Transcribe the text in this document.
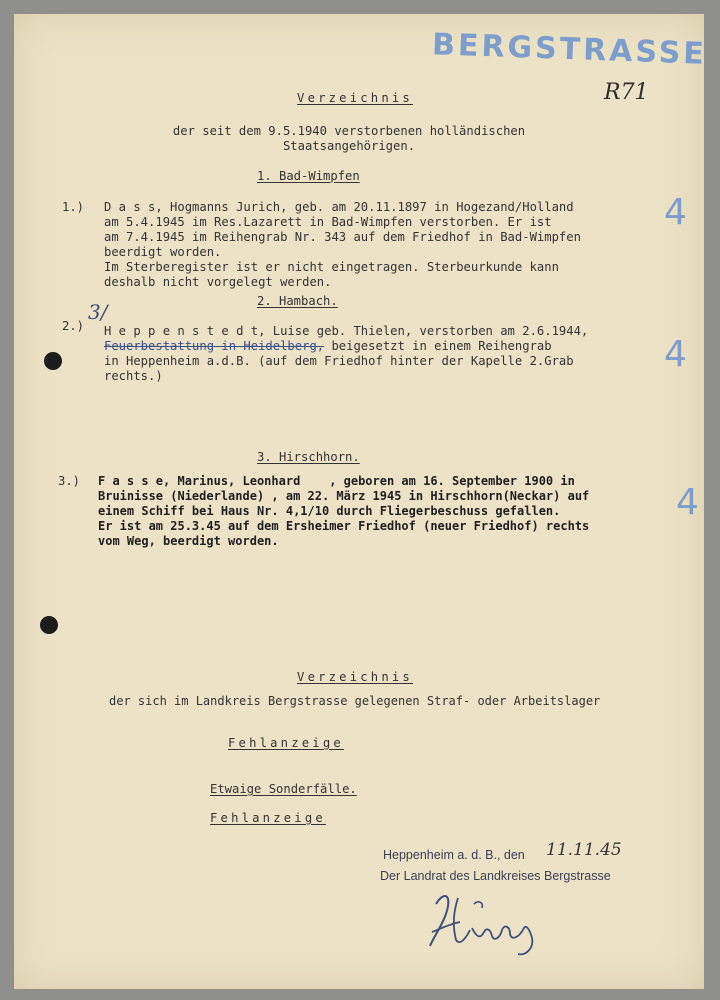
BERGSTRASSE
R71
Verzeichnis
der seit dem 9.5.1940 verstorbenen holländischen
Staatsangehörigen.
1. Bad-Wimpfen
1.) D a s s, Hogmanns Jurich, geb. am 20.11.1897 in Hogezand/Holland
am 5.4.1945 im Res.Lazarett in Bad-Wimpfen verstorben. Er ist
am 7.4.1945 im Reihengrab Nr. 343 auf dem Friedhof in Bad-Wimpfen
beerdigt worden.
Im Sterberegister ist er nicht eingetragen. Sterbeurkunde kann
deshalb nicht vorgelegt werden.
4
2. Hambach.
2.)
3/
H e p p e n s t e d t, Luise geb. Thielen, verstorben am 2.6.1944,
Feuerbestattung in Heidelberg, beigesetzt in einem Reihengrab
in Heppenheim a.d.B. (auf dem Friedhof hinter der Kapelle 2.Grab
rechts.)
4
3. Hirschhorn.
3.) F a s s e, Marinus, Leonhard    , geboren am 16. September 1900 in
Bruinisse (Niederlande) , am 22. März 1945 in Hirschhorn(Neckar) auf
einem Schiff bei Haus Nr. 4,1/10 durch Fliegerbeschuss gefallen.
Er ist am 25.3.45 auf dem Ersheimer Friedhof (neuer Friedhof) rechts
vom Weg, beerdigt worden.
4
Verzeichnis
der sich im Landkreis Bergstrasse gelegenen Straf- oder Arbeitslager
Fehlanzeige
Etwaige Sonderfälle.
Fehlanzeige
Heppenheim a. d. B., den 11.11.45
Der Landrat des Landkreises Bergstrasse
